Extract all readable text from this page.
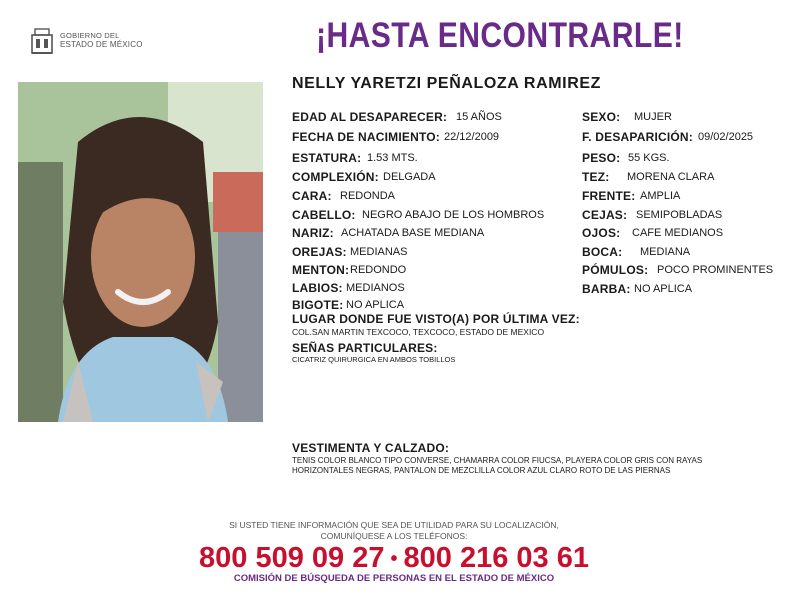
GOBIERNO DEL
ESTADO DE MÉXICO	¡HASTA ENCONTRARLE!
NELLY YARETZI PEÑALOZA RAMIREZ
EDAD AL DESAPARECER: 15 AÑOS
FECHA DE NACIMIENTO: 22/12/2009
ESTATURA: 1.53 MTS.
COMPLEXIÓN: DELGADA
CARA: REDONDA
CABELLO: NEGRO ABAJO DE LOS HOMBROS
NARIZ: ACHATADA BASE MEDIANA
OREJAS: MEDIANAS
MENTON: REDONDO
LABIOS: MEDIANOS
BIGOTE: NO APLICA
SEXO: MUJER
F. DESAPARICIÓN: 09/02/2025
PESO: 55 KGS.
TEZ: MORENA CLARA
FRENTE: AMPLIA
CEJAS: SEMIPOBLADAS
OJOS: CAFE MEDIANOS
BOCA: MEDIANA
PÓMULOS: POCO PROMINENTES
BARBA: NO APLICA
LUGAR DONDE FUE VISTO(A) POR ÚLTIMA VEZ:
COL.SAN MARTIN TEXCOCO, TEXCOCO, ESTADO DE MEXICO
SEÑAS PARTICULARES:
CICATRIZ QUIRURGICA EN AMBOS TOBILLOS
VESTIMENTA Y CALZADO:
TENIS COLOR BLANCO TIPO CONVERSE, CHAMARRA COLOR FIUCSA, PLAYERA COLOR GRIS CON RAYAS
HORIZONTALES NEGRAS, PANTALON DE MEZCLILLA COLOR AZUL CLARO ROTO DE LAS PIERNAS
SI USTED TIENE INFORMACIÓN QUE SEA DE UTILIDAD PARA SU LOCALIZACIÓN,
COMUNÍQUESE A LOS TELÉFONOS:
800 509 09 27 • 800 216 03 61
COMISIÓN DE BÚSQUEDA DE PERSONAS EN EL ESTADO DE MÉXICO
